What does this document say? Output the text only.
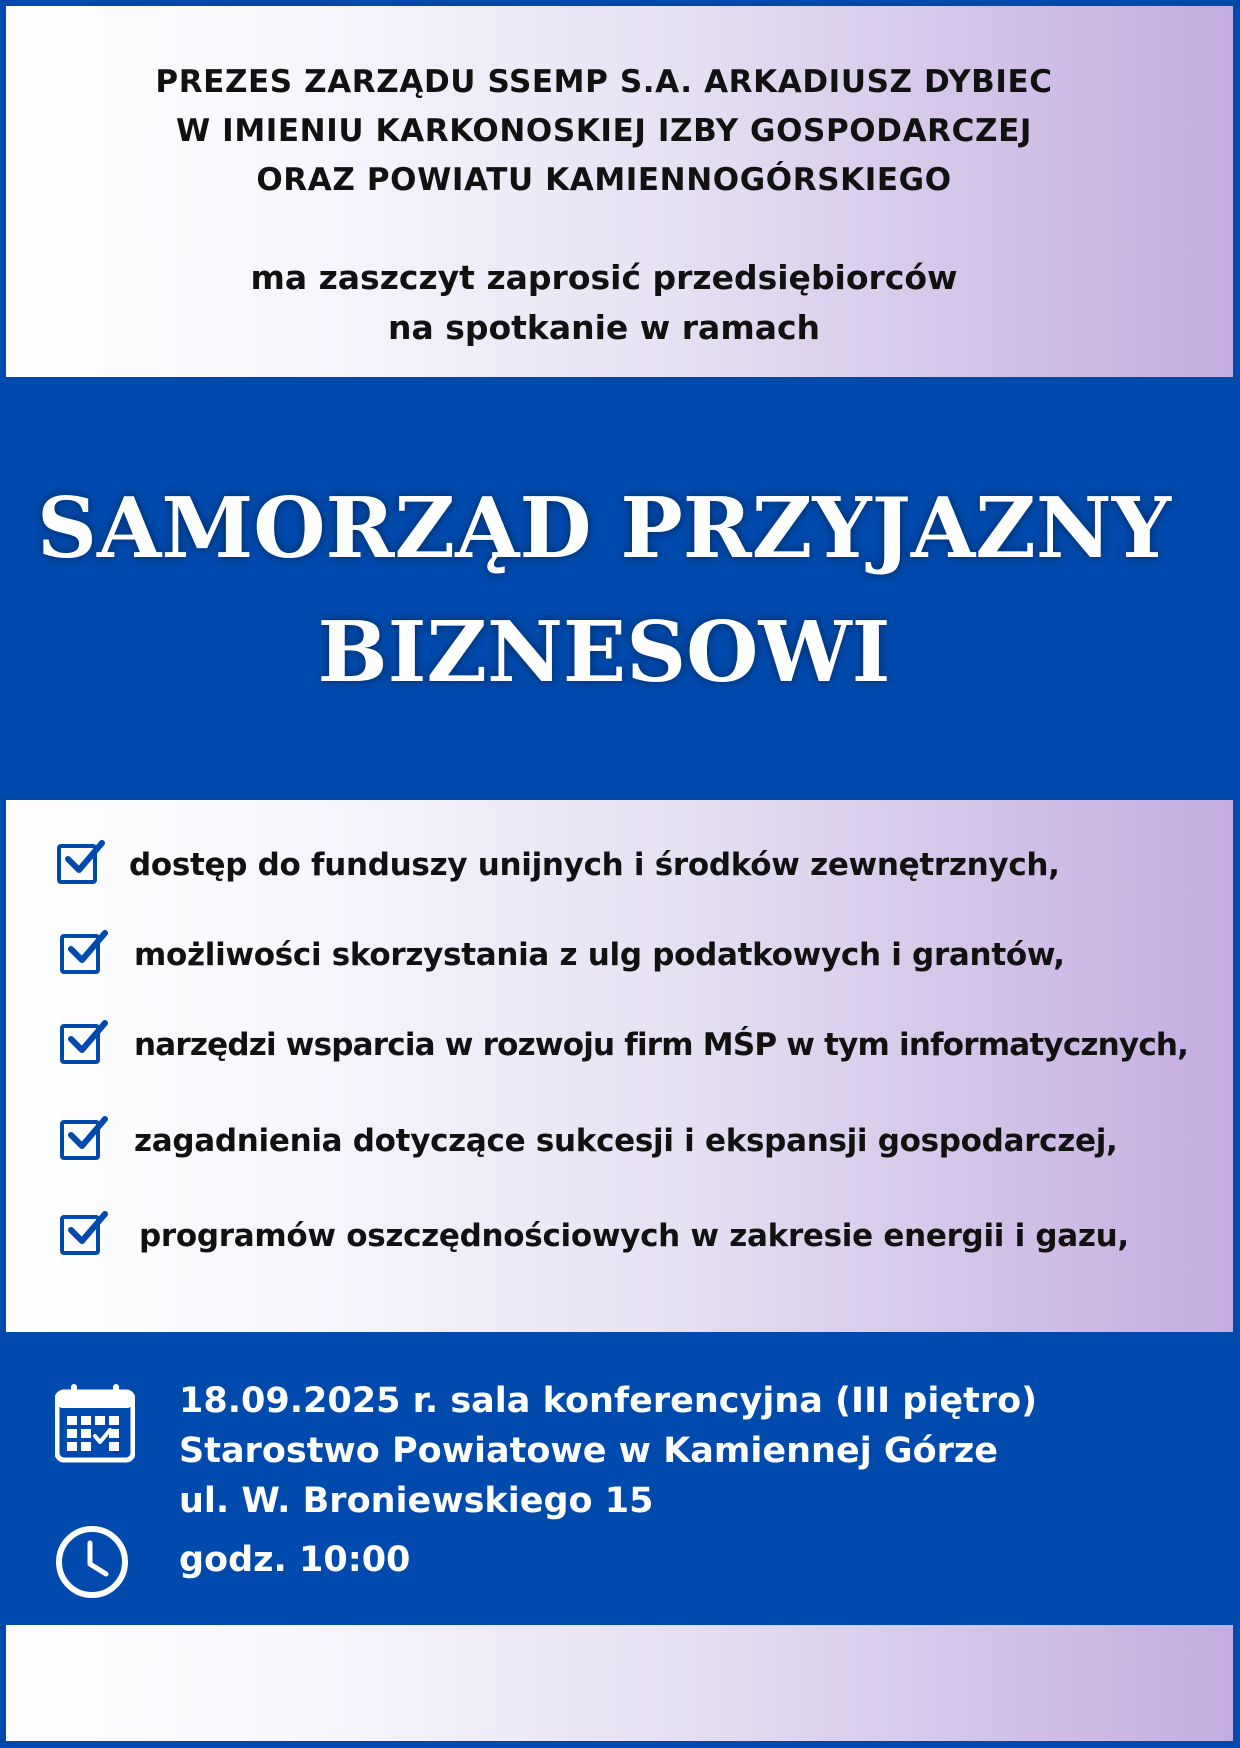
PREZES ZARZĄDU SSEMP S.A. ARKADIUSZ DYBIEC
W IMIENIU KARKONOSKIEJ IZBY GOSPODARCZEJ
ORAZ POWIATU KAMIENNOGÓRSKIEGO
ma zaszczyt zaprosić przedsiębiorców
na spotkanie w ramach
SAMORZĄD PRZYJAZNY
BIZNESOWI
dostęp do funduszy unijnych i środków zewnętrznych,
możliwości skorzystania z ulg podatkowych i grantów,
narzędzi wsparcia w rozwoju firm MŚP w tym informatycznych,
zagadnienia dotyczące sukcesji i ekspansji gospodarczej,
programów oszczędnościowych w zakresie energii i gazu,
18.09.2025 r. sala konferencyjna (III piętro)
Starostwo Powiatowe w Kamiennej Górze
ul. W. Broniewskiego 15
godz. 10:00
